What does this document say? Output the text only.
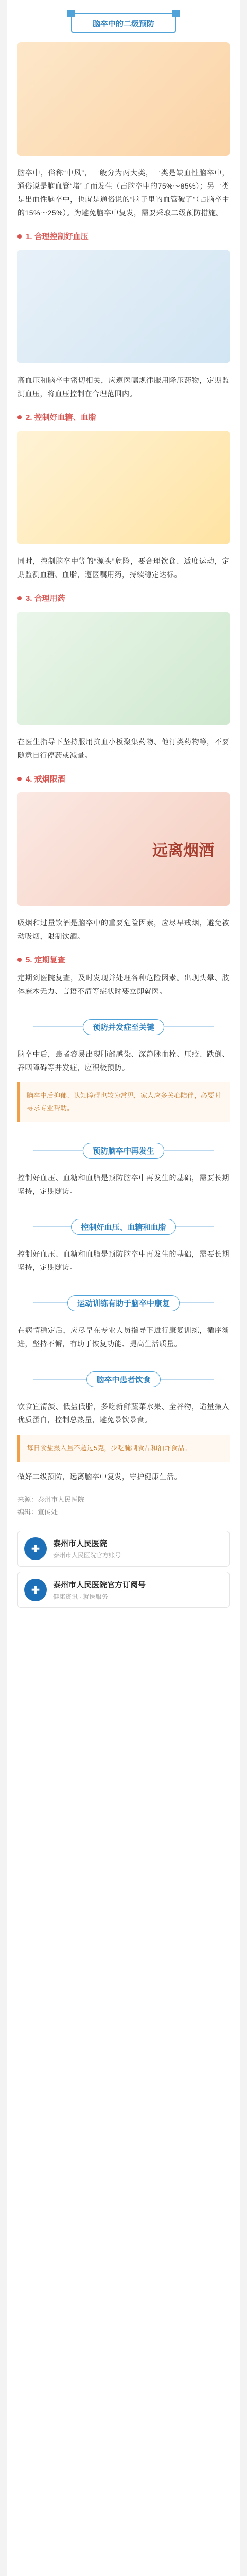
脑卒中的二级预防

脑卒中，俗称“中风”，一般分为两大类，一类是缺血性脑卒中，通俗说是脑血管“堵”了而发生（占脑卒中的75%～85%）；另一类是出血性脑卒中，也就是通俗说的“脑子里的血管破了”（占脑卒中的15%～25%）。为避免脑卒中复发，需要采取二级预防措施。

1. 合理控制好血压

高血压和脑卒中密切相关，应遵医嘱规律服用降压药物，定期监测血压，将血压控制在合理范围内。

2. 控制好血糖、血脂

同时，控制脑卒中等的“源头”危险，要合理饮食、适度运动，定期监测血糖、血脂，遵医嘱用药，持续稳定达标。

3. 合理用药

在医生指导下坚持服用抗血小板聚集药物、他汀类药物等，不要随意自行停药或减量。

4. 戒烟限酒
远离烟酒

吸烟和过量饮酒是脑卒中的重要危险因素，应尽早戒烟，避免被动吸烟，限制饮酒。

5. 定期复查

定期到医院复查，及时发现并处理各种危险因素。出现头晕、肢体麻木无力、言语不清等症状时要立即就医。

预防并发症至关键

脑卒中后，患者容易出现肺部感染、深静脉血栓、压疮、跌倒、吞咽障碍等并发症，应积极预防。

脑卒中后抑郁、认知障碍也较为常见，家人应多关心陪伴，必要时寻求专业帮助。
预防脑卒中再发生

控制好血压、血糖和血脂是预防脑卒中再发生的基础，需要长期坚持，定期随访。

控制好血压、血糖和血脂

控制好血压、血糖和血脂是预防脑卒中再发生的基础，需要长期坚持，定期随访。

运动训练有助于脑卒中康复

在病情稳定后，应尽早在专业人员指导下进行康复训练，循序渐进，坚持不懈，有助于恢复功能、提高生活质量。

脑卒中患者饮食

饮食宜清淡、低盐低脂，多吃新鲜蔬菜水果、全谷物，适量摄入优质蛋白，控制总热量，避免暴饮暴食。

每日食盐摄入量不超过5克，少吃腌制食品和油炸食品。

做好二级预防，远离脑卒中复发，守护健康生活。

来源：泰州市人民医院
编辑：宣传处
✚	泰州市人民医院
泰州市人民医院官方账号
✚	泰州市人民医院官方订阅号
健康资讯 · 就医服务
